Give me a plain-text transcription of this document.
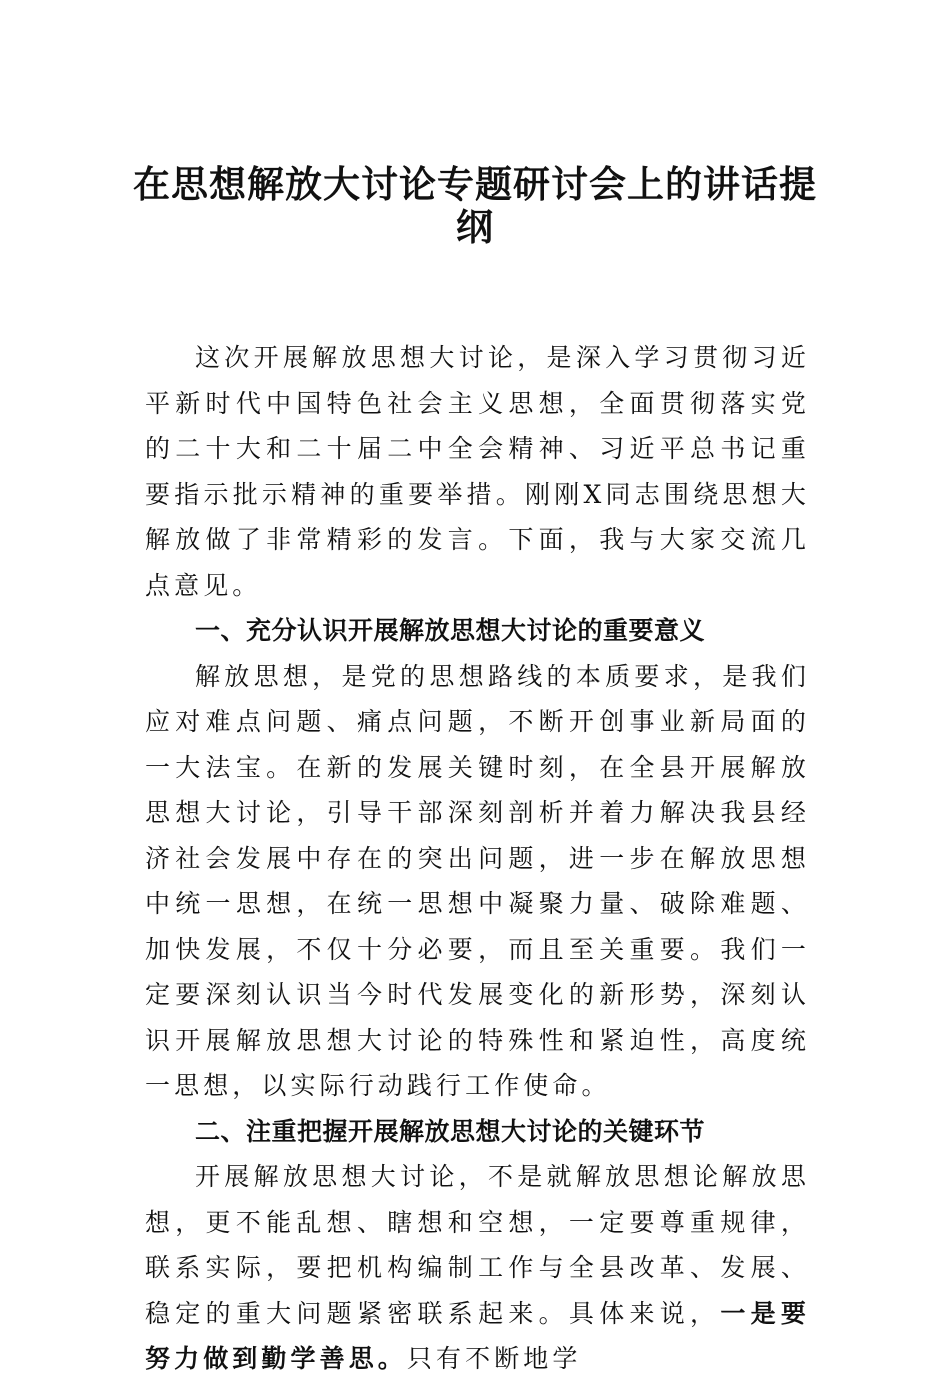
在思想解放大讨论专题研讨会上的讲话提
纲

这次开展解放思想大讨论，是深入学习贯彻习近平新时代中国特色社会主义思想，全面贯彻落实党的二十大和二十届二中全会精神、习近平总书记重要指示批示精神的重要举措。刚刚X同志围绕思想大解放做了非常精彩的发言。下面，我与大家交流几点意见。

一、充分认识开展解放思想大讨论的重要意义

解放思想，是党的思想路线的本质要求，是我们应对难点问题、痛点问题，不断开创事业新局面的一大法宝。在新的发展关键时刻，在全县开展解放思想大讨论，引导干部深刻剖析并着力解决我县经济社会发展中存在的突出问题，进一步在解放思想中统一思想，在统一思想中凝聚力量、破除难题、加快发展，不仅十分必要，而且至关重要。我们一定要深刻认识当今时代发展变化的新形势，深刻认识开展解放思想大讨论的特殊性和紧迫性，高度统一思想，以实际行动践行工作使命。

二、注重把握开展解放思想大讨论的关键环节

开展解放思想大讨论，不是就解放思想论解放思想，更不能乱想、瞎想和空想，一定要尊重规律，联系实际，要把机构编制工作与全县改革、发展、稳定的重大问题紧密联系起来。具体来说，一是要努力做到勤学善思。只有不断地学
